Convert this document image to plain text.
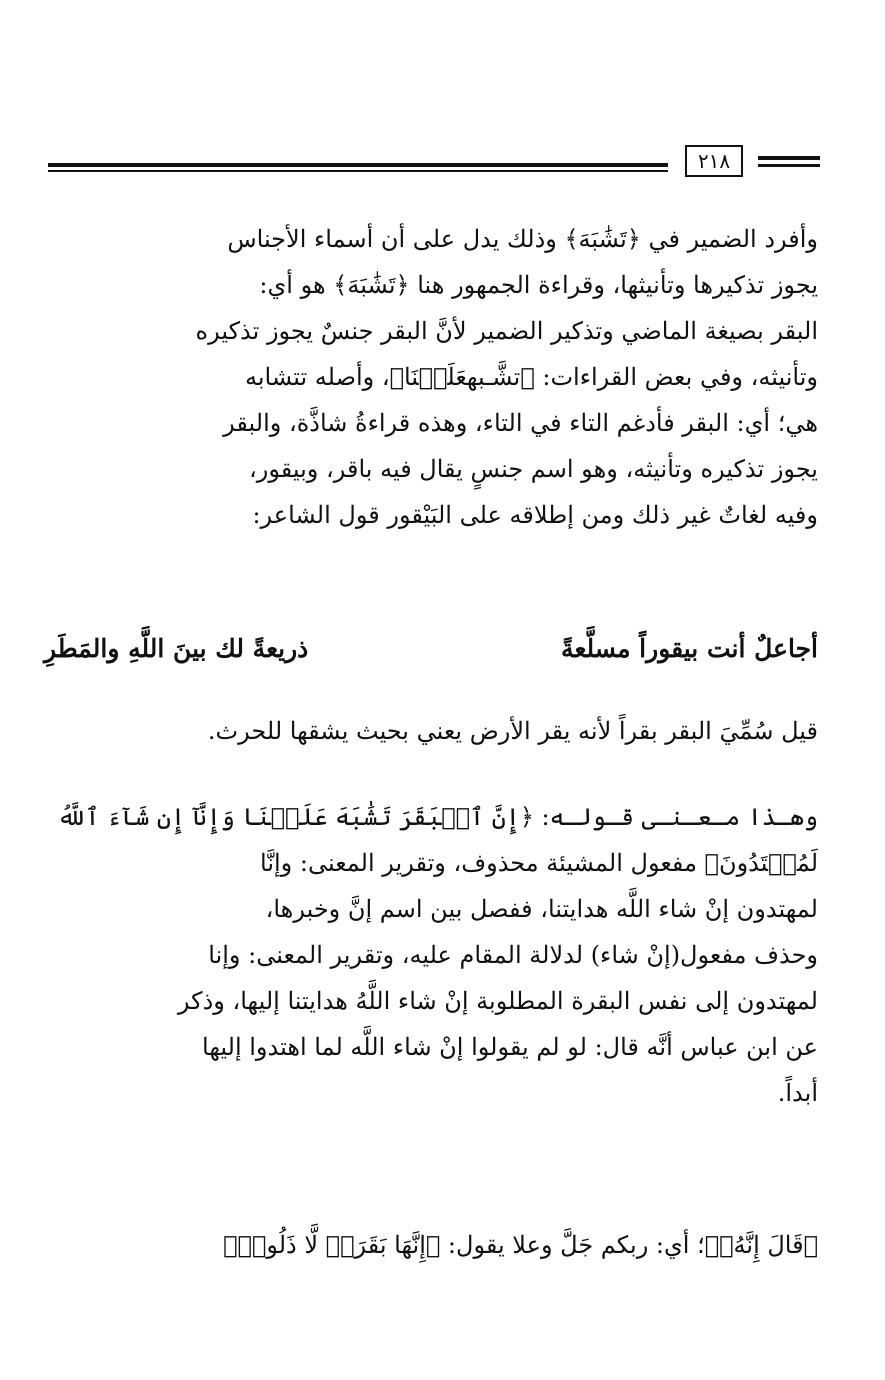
٢١٨
وأفرد الضمير في ﴿تَشَٰبَهَ﴾ وذلك يدل على أن أسماء الأجناس
يجوز تذكيرها وتأنيثها، وقراءة الجمهور هنا ﴿تَشَٰبَهَ﴾ هو أي:
البقر بصيغة الماضي وتذكير الضمير لأنَّ البقر جنسٌ يجوز تذكيره
وتأنيثه، وفي بعض القراءات: ﴿تشَّـبهعَلَيۡنَا﴾، وأصله تتشابه
هي؛ أي: البقر فأدغم التاء في التاء، وهذه قراءةُ شاذَّة، والبقر
يجوز تذكيره وتأنيثه، وهو اسم جنسٍ يقال فيه باقر، وبيقور،
وفيه لغاتٌ غير ذلك ومن إطلاقه على البَيْقور قول الشاعر:
أجاعلٌ أنت بيقوراً مسلَّعةً
ذريعةً لك بينَ اللَّهِ والمَطَرِ
قيل سُمِّيَ البقر بقراً لأنه يقر الأرض يعني بحيث يشقها للحرث.
وهـذا مـعـنـى قـولـه: ﴿إِنَّ ٱلۡبَقَرَ تَشَٰبَهَ عَلَيۡنَا وَإِنَّآ إِن شَآءَ ٱللَّهُ
لَمُهۡتَدُونَ﴾ مفعول المشيئة محذوف، وتقرير المعنى: وإنَّا
لمهتدون إنْ شاء اللَّه هدايتنا، ففصل بين اسم إنَّ وخبرها،
وحذف مفعول(إنْ شاء) لدلالة المقام عليه، وتقرير المعنى: وإنا
لمهتدون إلى نفس البقرة المطلوبة إنْ شاء اللَّهُ هدايتنا إليها، وذكر
عن ابن عباس أنَّه قال: لو لم يقولوا إنْ شاء اللَّه لما اهتدوا إليها
أبداً.
﴿قَالَ إِنَّهُۥ﴾؛ أي: ربكم جَلَّ وعلا يقول: ﴿إِنَّهَا بَقَرَةٞ لَّا ذَلُولٞ﴾
